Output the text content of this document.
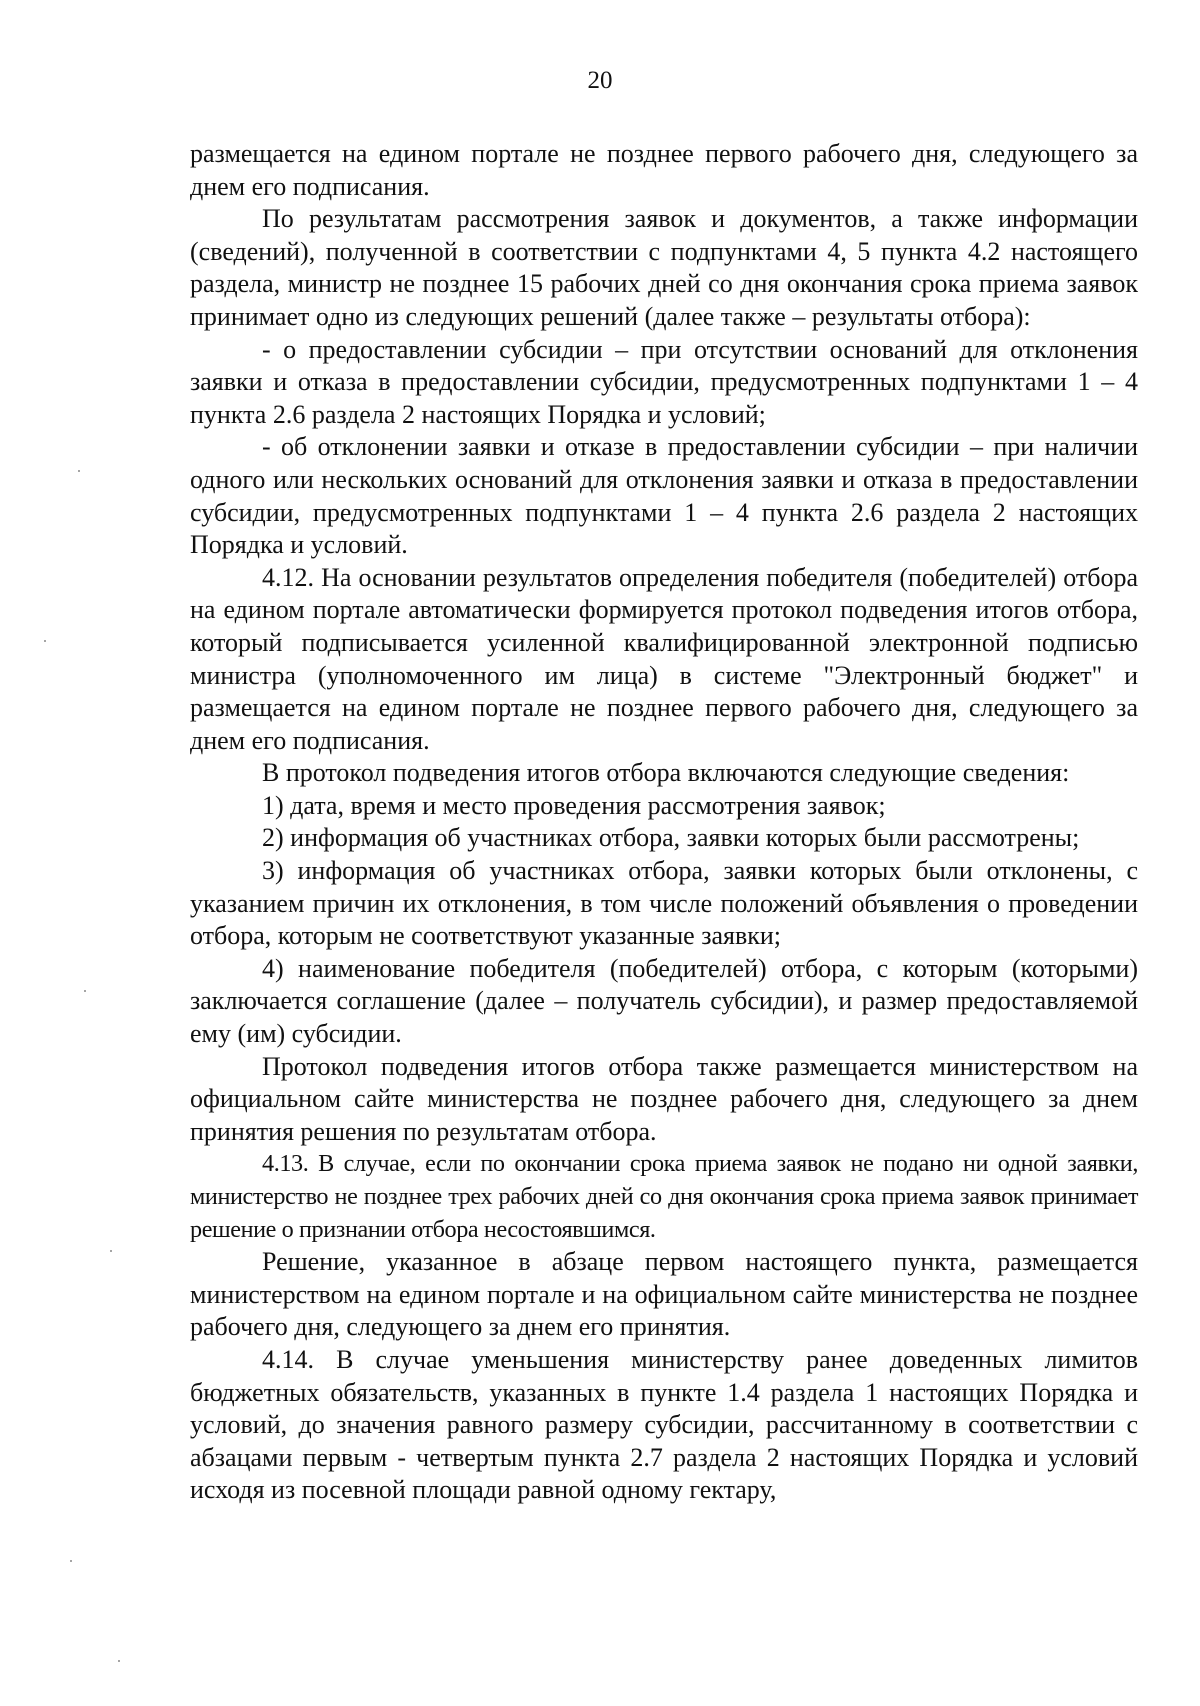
20

размещается на едином портале не позднее первого рабочего дня, следующего за днем его подписания.

По результатам рассмотрения заявок и документов, а также информации (сведений), полученной в соответствии с подпунктами 4, 5 пункта 4.2 настоящего раздела, министр не позднее 15 рабочих дней со дня окончания срока приема заявок принимает одно из следующих решений (далее также – результаты отбора):

- о предоставлении субсидии – при отсутствии оснований для отклонения заявки и отказа в предоставлении субсидии, предусмотренных подпунктами 1 – 4 пункта 2.6 раздела 2 настоящих Порядка и условий;

- об отклонении заявки и отказе в предоставлении субсидии – при наличии одного или нескольких оснований для отклонения заявки и отказа в предоставлении субсидии, предусмотренных подпунктами 1 – 4 пункта 2.6 раздела 2 настоящих Порядка и условий.

4.12. На основании результатов определения победителя (победителей) отбора на едином портале автоматически формируется протокол подведения итогов отбора, который подписывается усиленной квалифицированной электронной подписью министра (уполномоченного им лица) в системе "Электронный бюджет" и размещается на едином портале не позднее первого рабочего дня, следующего за днем его подписания.

В протокол подведения итогов отбора включаются следующие сведения:

1) дата, время и место проведения рассмотрения заявок;

2) информация об участниках отбора, заявки которых были рассмотрены;

3) информация об участниках отбора, заявки которых были отклонены, с указанием причин их отклонения, в том числе положений объявления о проведении отбора, которым не соответствуют указанные заявки;

4) наименование победителя (победителей) отбора, с которым (которыми) заключается соглашение (далее – получатель субсидии), и размер предоставляемой ему (им) субсидии.

Протокол подведения итогов отбора также размещается министерством на официальном сайте министерства не позднее рабочего дня, следующего за днем принятия решения по результатам отбора.

4.13. В случае, если по окончании срока приема заявок не подано ни одной заявки, министерство не позднее трех рабочих дней со дня окончания срока приема заявок принимает решение о признании отбора несостоявшимся.

Решение, указанное в абзаце первом настоящего пункта, размещается министерством на едином портале и на официальном сайте министерства не позднее рабочего дня, следующего за днем его принятия.

4.14. В случае уменьшения министерству ранее доведенных лимитов бюджетных обязательств, указанных в пункте 1.4 раздела 1 настоящих Порядка и условий, до значения равного размеру субсидии, рассчитанному в соответствии с абзацами первым - четвертым пункта 2.7 раздела 2 настоящих Порядка и условий исходя из посевной площади равной одному гектару,
